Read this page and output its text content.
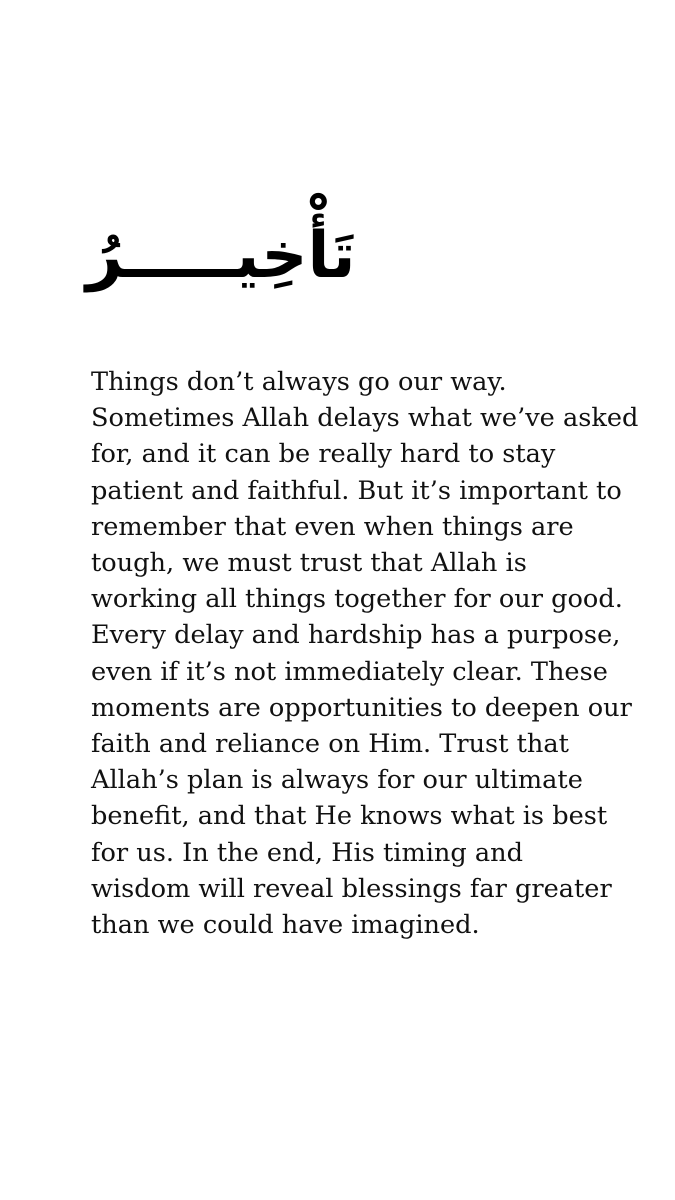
تَأْخِيـــــرُ
Things don’t always go our way.
Sometimes Allah delays what we’ve asked
for, and it can be really hard to stay
patient and faithful. But it’s important to
remember that even when things are
tough, we must trust that Allah is
working all things together for our good.
Every delay and hardship has a purpose,
even if it’s not immediately clear. These
moments are opportunities to deepen our
faith and reliance on Him. Trust that
Allah’s plan is always for our ultimate
benefit, and that He knows what is best
for us. In the end, His timing and
wisdom will reveal blessings far greater
than we could have imagined.
